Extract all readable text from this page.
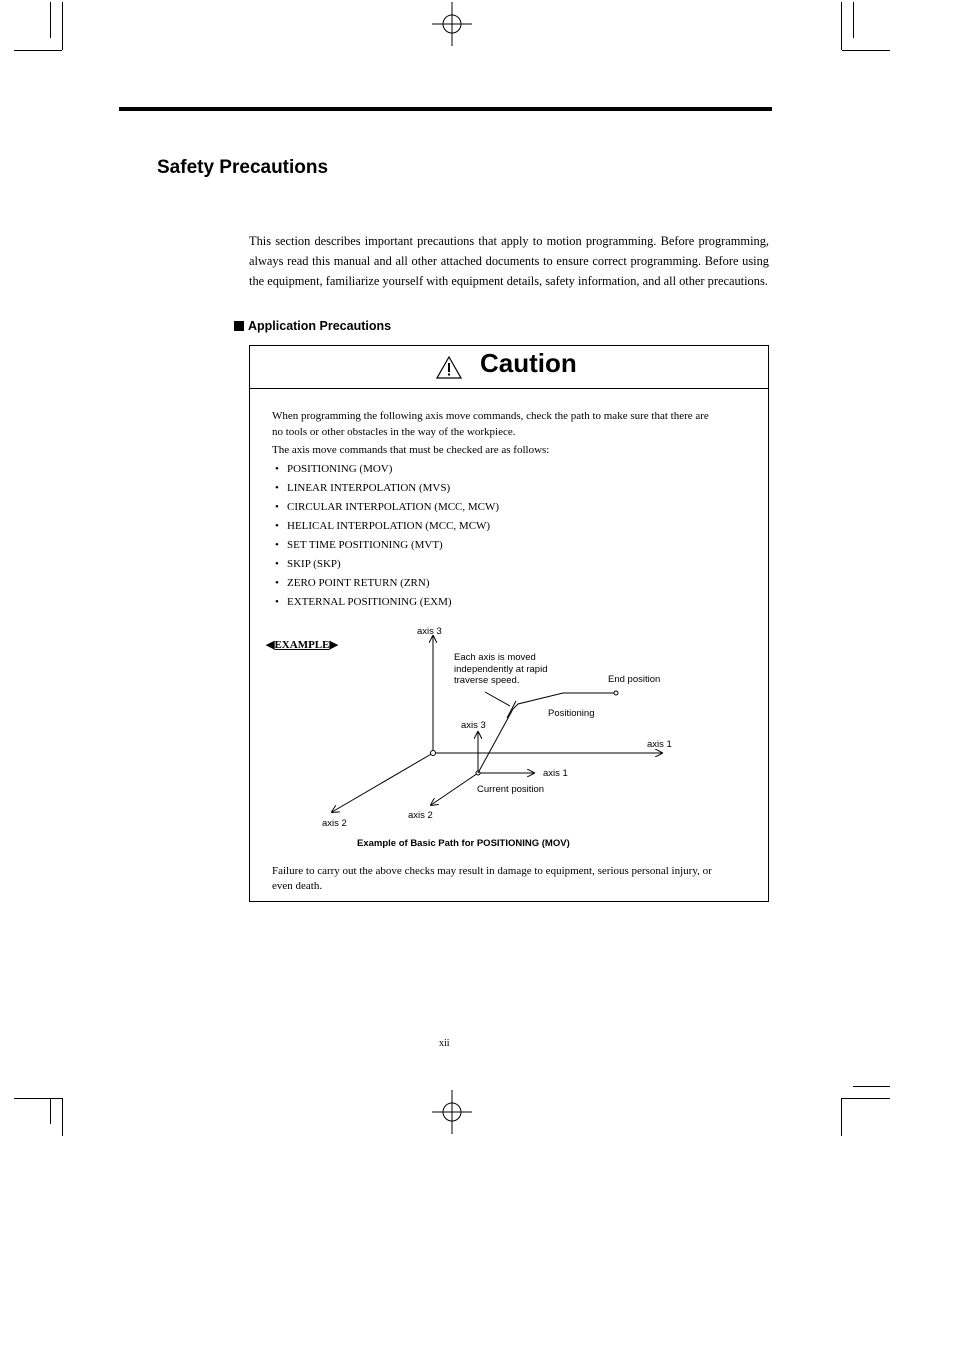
Safety Precautions
This section describes important precautions that apply to motion programming. Before programming, always read this manual and all other attached documents to ensure correct programming. Before using the equipment, familiarize yourself with equipment details, safety information, and all other precautions.
Application Precautions
Caution
When programming the following axis move commands, check the path to make sure that there are no tools or other obstacles in the way of the workpiece.
The axis move commands that must be checked are as follows:
• POSITIONING (MOV)
• LINEAR INTERPOLATION (MVS)
• CIRCULAR INTERPOLATION (MCC, MCW)
• HELICAL INTERPOLATION (MCC, MCW)
• SET TIME POSITIONING (MVT)
• SKIP (SKP)
• ZERO POINT RETURN (ZRN)
• EXTERNAL POSITIONING (EXM)
◀ EXAMPLE ▶
axis 3
axis 1
axis 2
axis 3
axis 1
axis 2
Each axis is moved
independently at rapid
traverse speed.	End position
Positioning
Current position
Example of Basic Path for POSITIONING (MOV)
Failure to carry out the above checks may result in damage to equipment, serious personal injury, or even death.
xii
